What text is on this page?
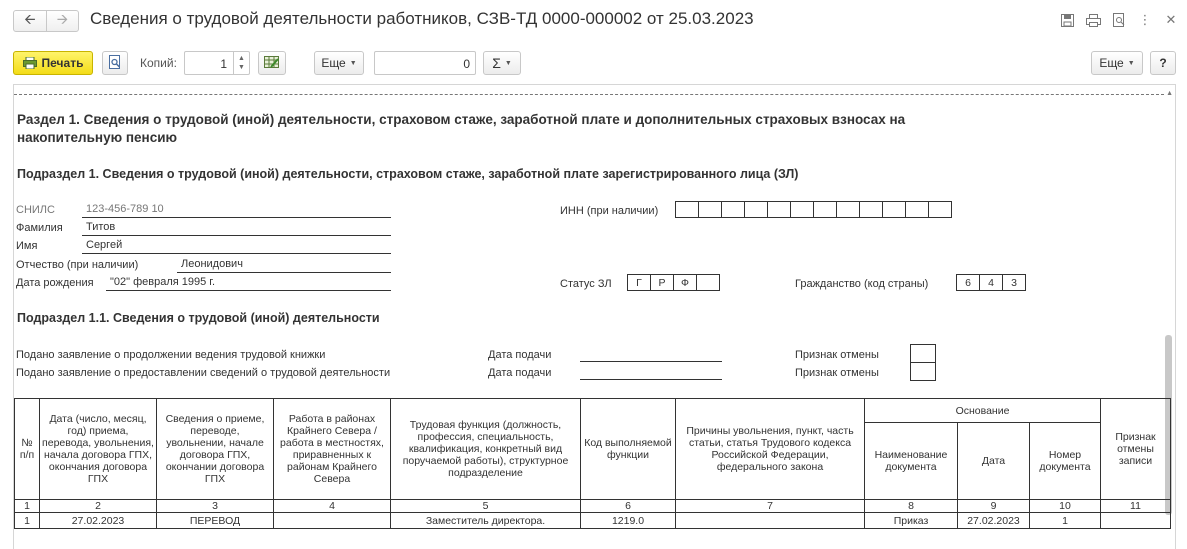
🡨	🡪	Сведения о трудовой деятельности работников, СЗВ-ТД 0000-000002 от 25.03.2023	⋮ ✕
Печать	Копий:	1 ▲
▼	Еще ▼	0 Σ ▼	Еще ▼ ?
▲
Раздел 1. Сведения о трудовой (иной) деятельности, страховом стаже, заработной плате и дополнительных страховых взносах на накопительную пенсию
Подраздел 1. Сведения о трудовой (иной) деятельности, страховом стаже, заработной плате зарегистрированного лица (ЗЛ)
СНИЛС	123-456-789 10
Фамилия	Титов
Имя	Сергей
Отчество (при наличии)	Леонидович
Дата рождения	"02" февраля 1995 г.
ИНН (при наличии)
Статус ЗЛ	Г	Р	Ф	Гражданство (код страны)	6	4	3
Подраздел 1.1. Сведения о трудовой (иной) деятельности
Подано заявление о продолжении ведения трудовой книжки	Дата подачи	Признак отмены
Подано заявление о предоставлении сведений о трудовой деятельности	Дата подачи	Признак отмены
№ п/п	Дата (число, месяц, год) приема, перевода, увольнения, начала договора ГПХ, окончания договора ГПХ	Сведения о приеме, переводе, увольнении, начале договора ГПХ, окончании договора ГПХ	Работа в районах Крайнего Севера / работа в местностях, приравненных к районам Крайнего Севера	Трудовая функция (должность, профессия, специальность, квалификация, конкретный вид поручаемой работы), структурное подразделение	Код выполняемой функции	Причины увольнения, пункт, часть статьи, статья Трудового кодекса Российской Федерации, федерального закона	Основание			Признак отмены записи
							Наименование документа	Дата	Номер документа	
1	2	3	4	5	6	7	8	9	10	11
1	27.02.2023	ПЕРЕВОД		Заместитель директора.	1219.0		Приказ	27.02.2023	1	
